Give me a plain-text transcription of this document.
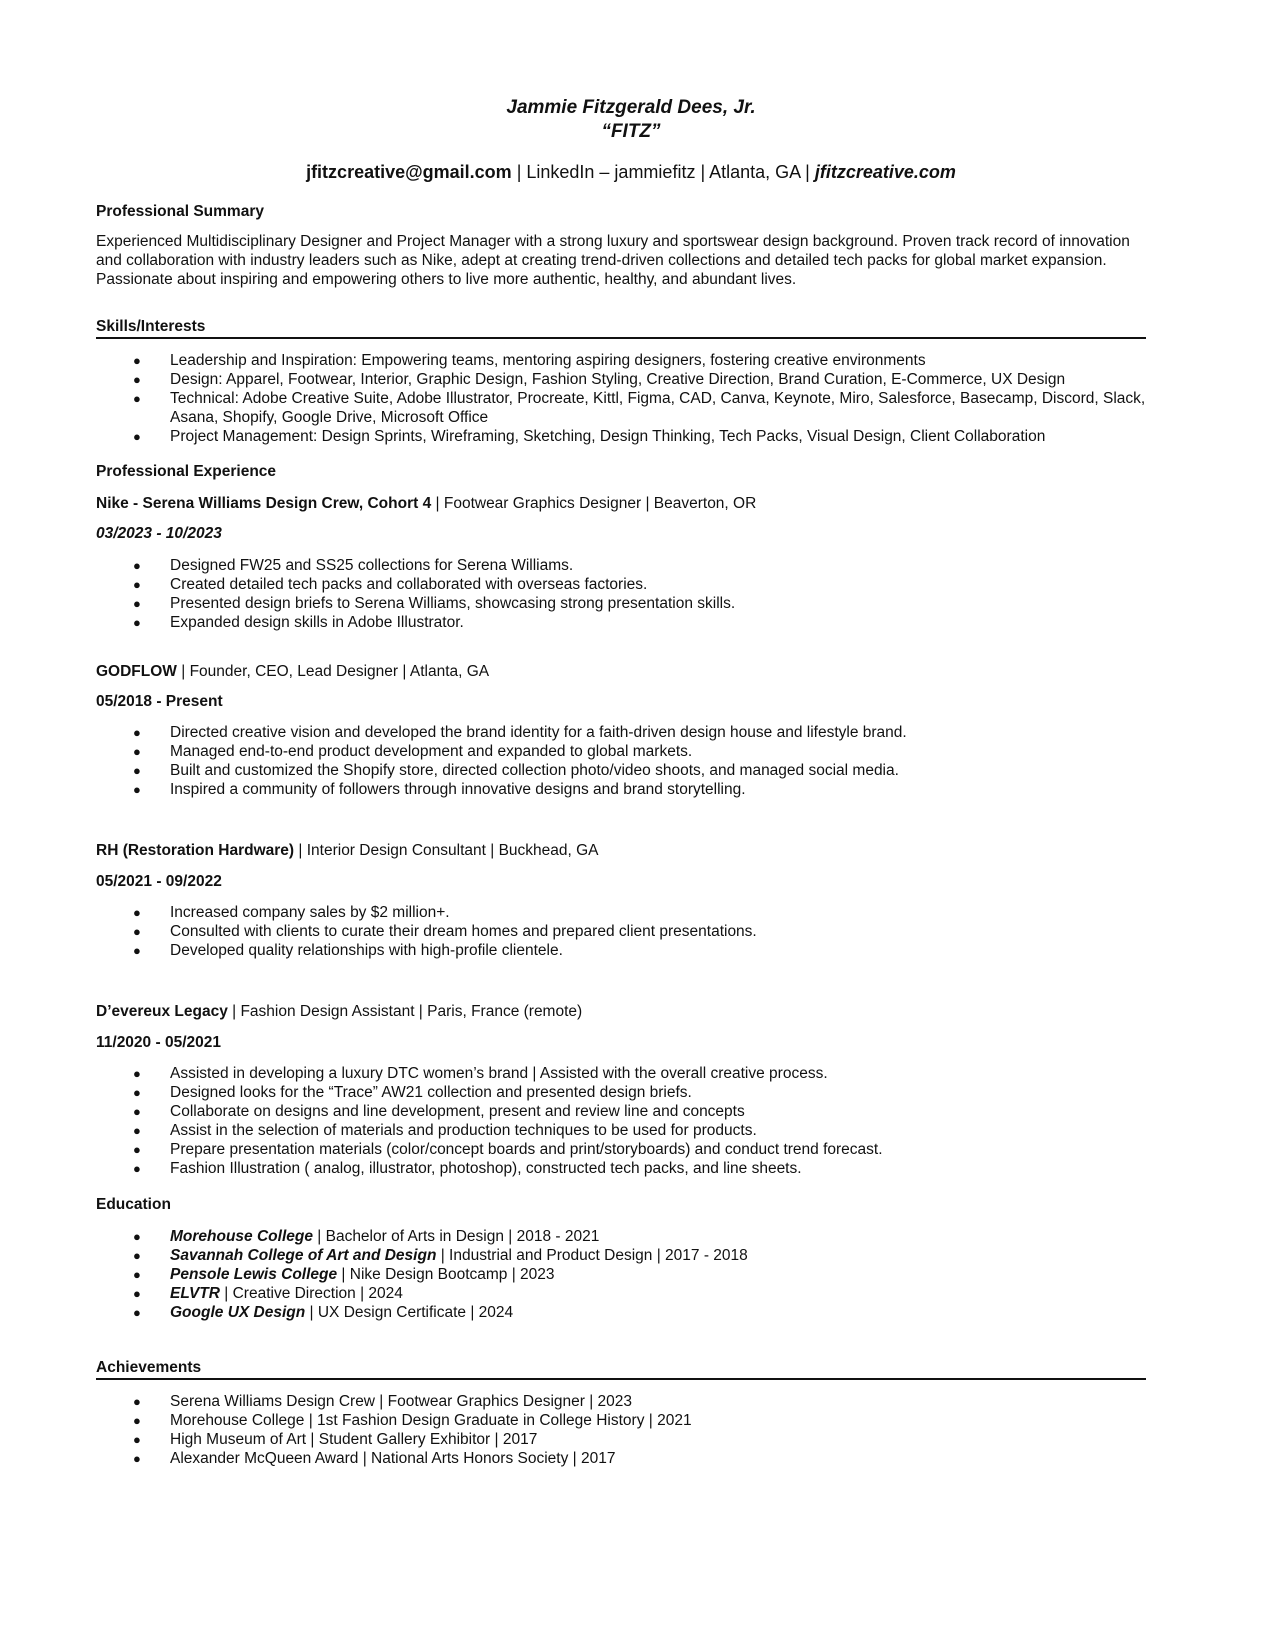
Jammie Fitzgerald Dees, Jr.

“FITZ”

jfitzcreative@gmail.com | LinkedIn – jammiefitz | Atlanta, GA | jfitzcreative.com

Professional Summary

Experienced Multidisciplinary Designer and Project Manager with a strong luxury and sportswear design background. Proven track record of innovation and collaboration with industry leaders such as Nike, adept at creating trend-driven collections and detailed tech packs for global market expansion. Passionate about inspiring and empowering others to live more authentic, healthy, and abundant lives.

Skills/Interests

● Leadership and Inspiration: Empowering teams, mentoring aspiring designers, fostering creative environments
● Design: Apparel, Footwear, Interior, Graphic Design, Fashion Styling, Creative Direction, Brand Curation, E-Commerce, UX Design
● Technical: Adobe Creative Suite, Adobe Illustrator, Procreate, Kittl, Figma, CAD, Canva, Keynote, Miro, Salesforce, Basecamp, Discord, Slack, Asana, Shopify, Google Drive, Microsoft Office
● Project Management: Design Sprints, Wireframing, Sketching, Design Thinking, Tech Packs, Visual Design, Client Collaboration

Professional Experience

Nike - Serena Williams Design Crew, Cohort 4 | Footwear Graphics Designer | Beaverton, OR

03/2023 - 10/2023

● Designed FW25 and SS25 collections for Serena Williams.
● Created detailed tech packs and collaborated with overseas factories.
● Presented design briefs to Serena Williams, showcasing strong presentation skills.
● Expanded design skills in Adobe Illustrator.

GODFLOW | Founder, CEO, Lead Designer | Atlanta, GA

05/2018 - Present

● Directed creative vision and developed the brand identity for a faith-driven design house and lifestyle brand.
● Managed end-to-end product development and expanded to global markets.
● Built and customized the Shopify store, directed collection photo/video shoots, and managed social media.
● Inspired a community of followers through innovative designs and brand storytelling.

RH (Restoration Hardware) | Interior Design Consultant | Buckhead, GA

05/2021 - 09/2022

● Increased company sales by $2 million+.
● Consulted with clients to curate their dream homes and prepared client presentations.
● Developed quality relationships with high-profile clientele.

D’evereux Legacy | Fashion Design Assistant | Paris, France (remote)

11/2020 - 05/2021

● Assisted in developing a luxury DTC women’s brand | Assisted with the overall creative process.
● Designed looks for the “Trace” AW21 collection and presented design briefs.
● Collaborate on designs and line development, present and review line and concepts
● Assist in the selection of materials and production techniques to be used for products.
● Prepare presentation materials (color/concept boards and print/storyboards) and conduct trend forecast.
● Fashion Illustration ( analog, illustrator, photoshop), constructed tech packs, and line sheets.

Education

● Morehouse College | Bachelor of Arts in Design | 2018 - 2021
● Savannah College of Art and Design | Industrial and Product Design | 2017 - 2018
● Pensole Lewis College | Nike Design Bootcamp | 2023
● ELVTR | Creative Direction | 2024
● Google UX Design | UX Design Certificate | 2024

Achievements

● Serena Williams Design Crew | Footwear Graphics Designer | 2023
● Morehouse College | 1st Fashion Design Graduate in College History | 2021
● High Museum of Art | Student Gallery Exhibitor | 2017
● Alexander McQueen Award | National Arts Honors Society | 2017
